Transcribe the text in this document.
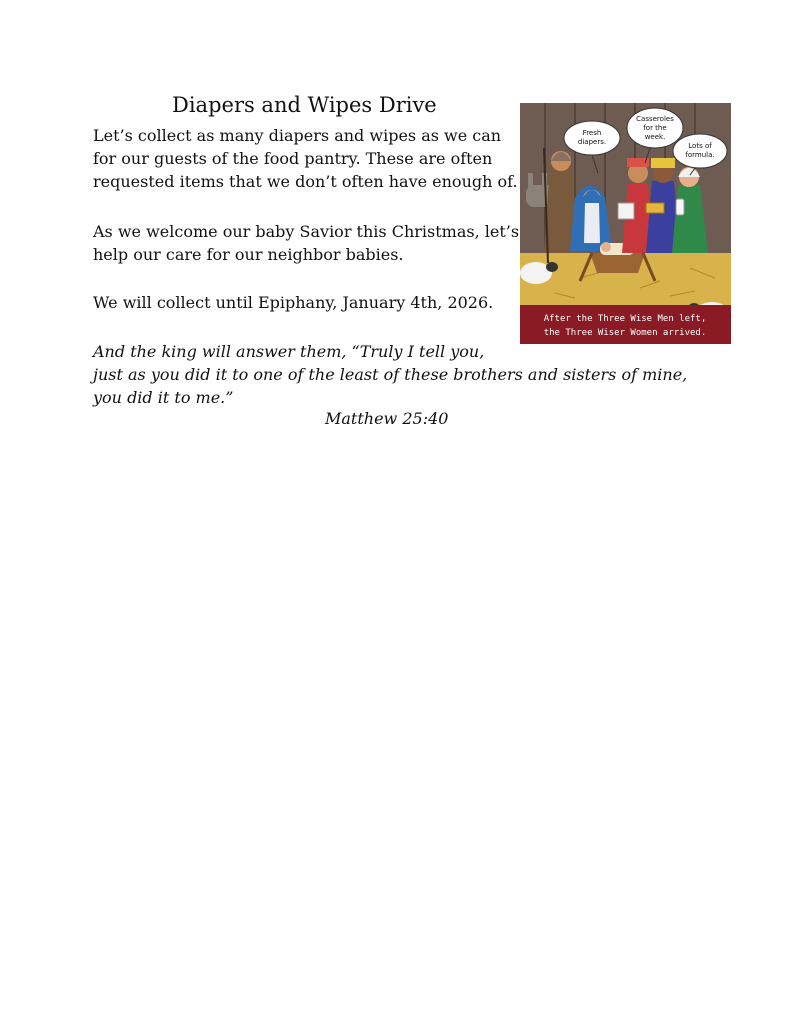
Diapers and Wipes Drive
Let’s collect as many diapers and wipes as we can
for our guests of the food pantry. These are often
requested items that we don’t often have enough of.
As we welcome our baby Savior this Christmas, let’s
help our care for our neighbor babies.
We will collect until Epiphany, January 4th, 2026.
And the king will answer them, “Truly I tell you,
just as you did it to one of the least of these brothers and sisters of mine,
you did it to me.”
Matthew 25:40
Fresh
diapers.
Casseroles
for the
week.
Lots of
formula.
After the Three Wise Men left,
the Three Wiser Women arrived.
